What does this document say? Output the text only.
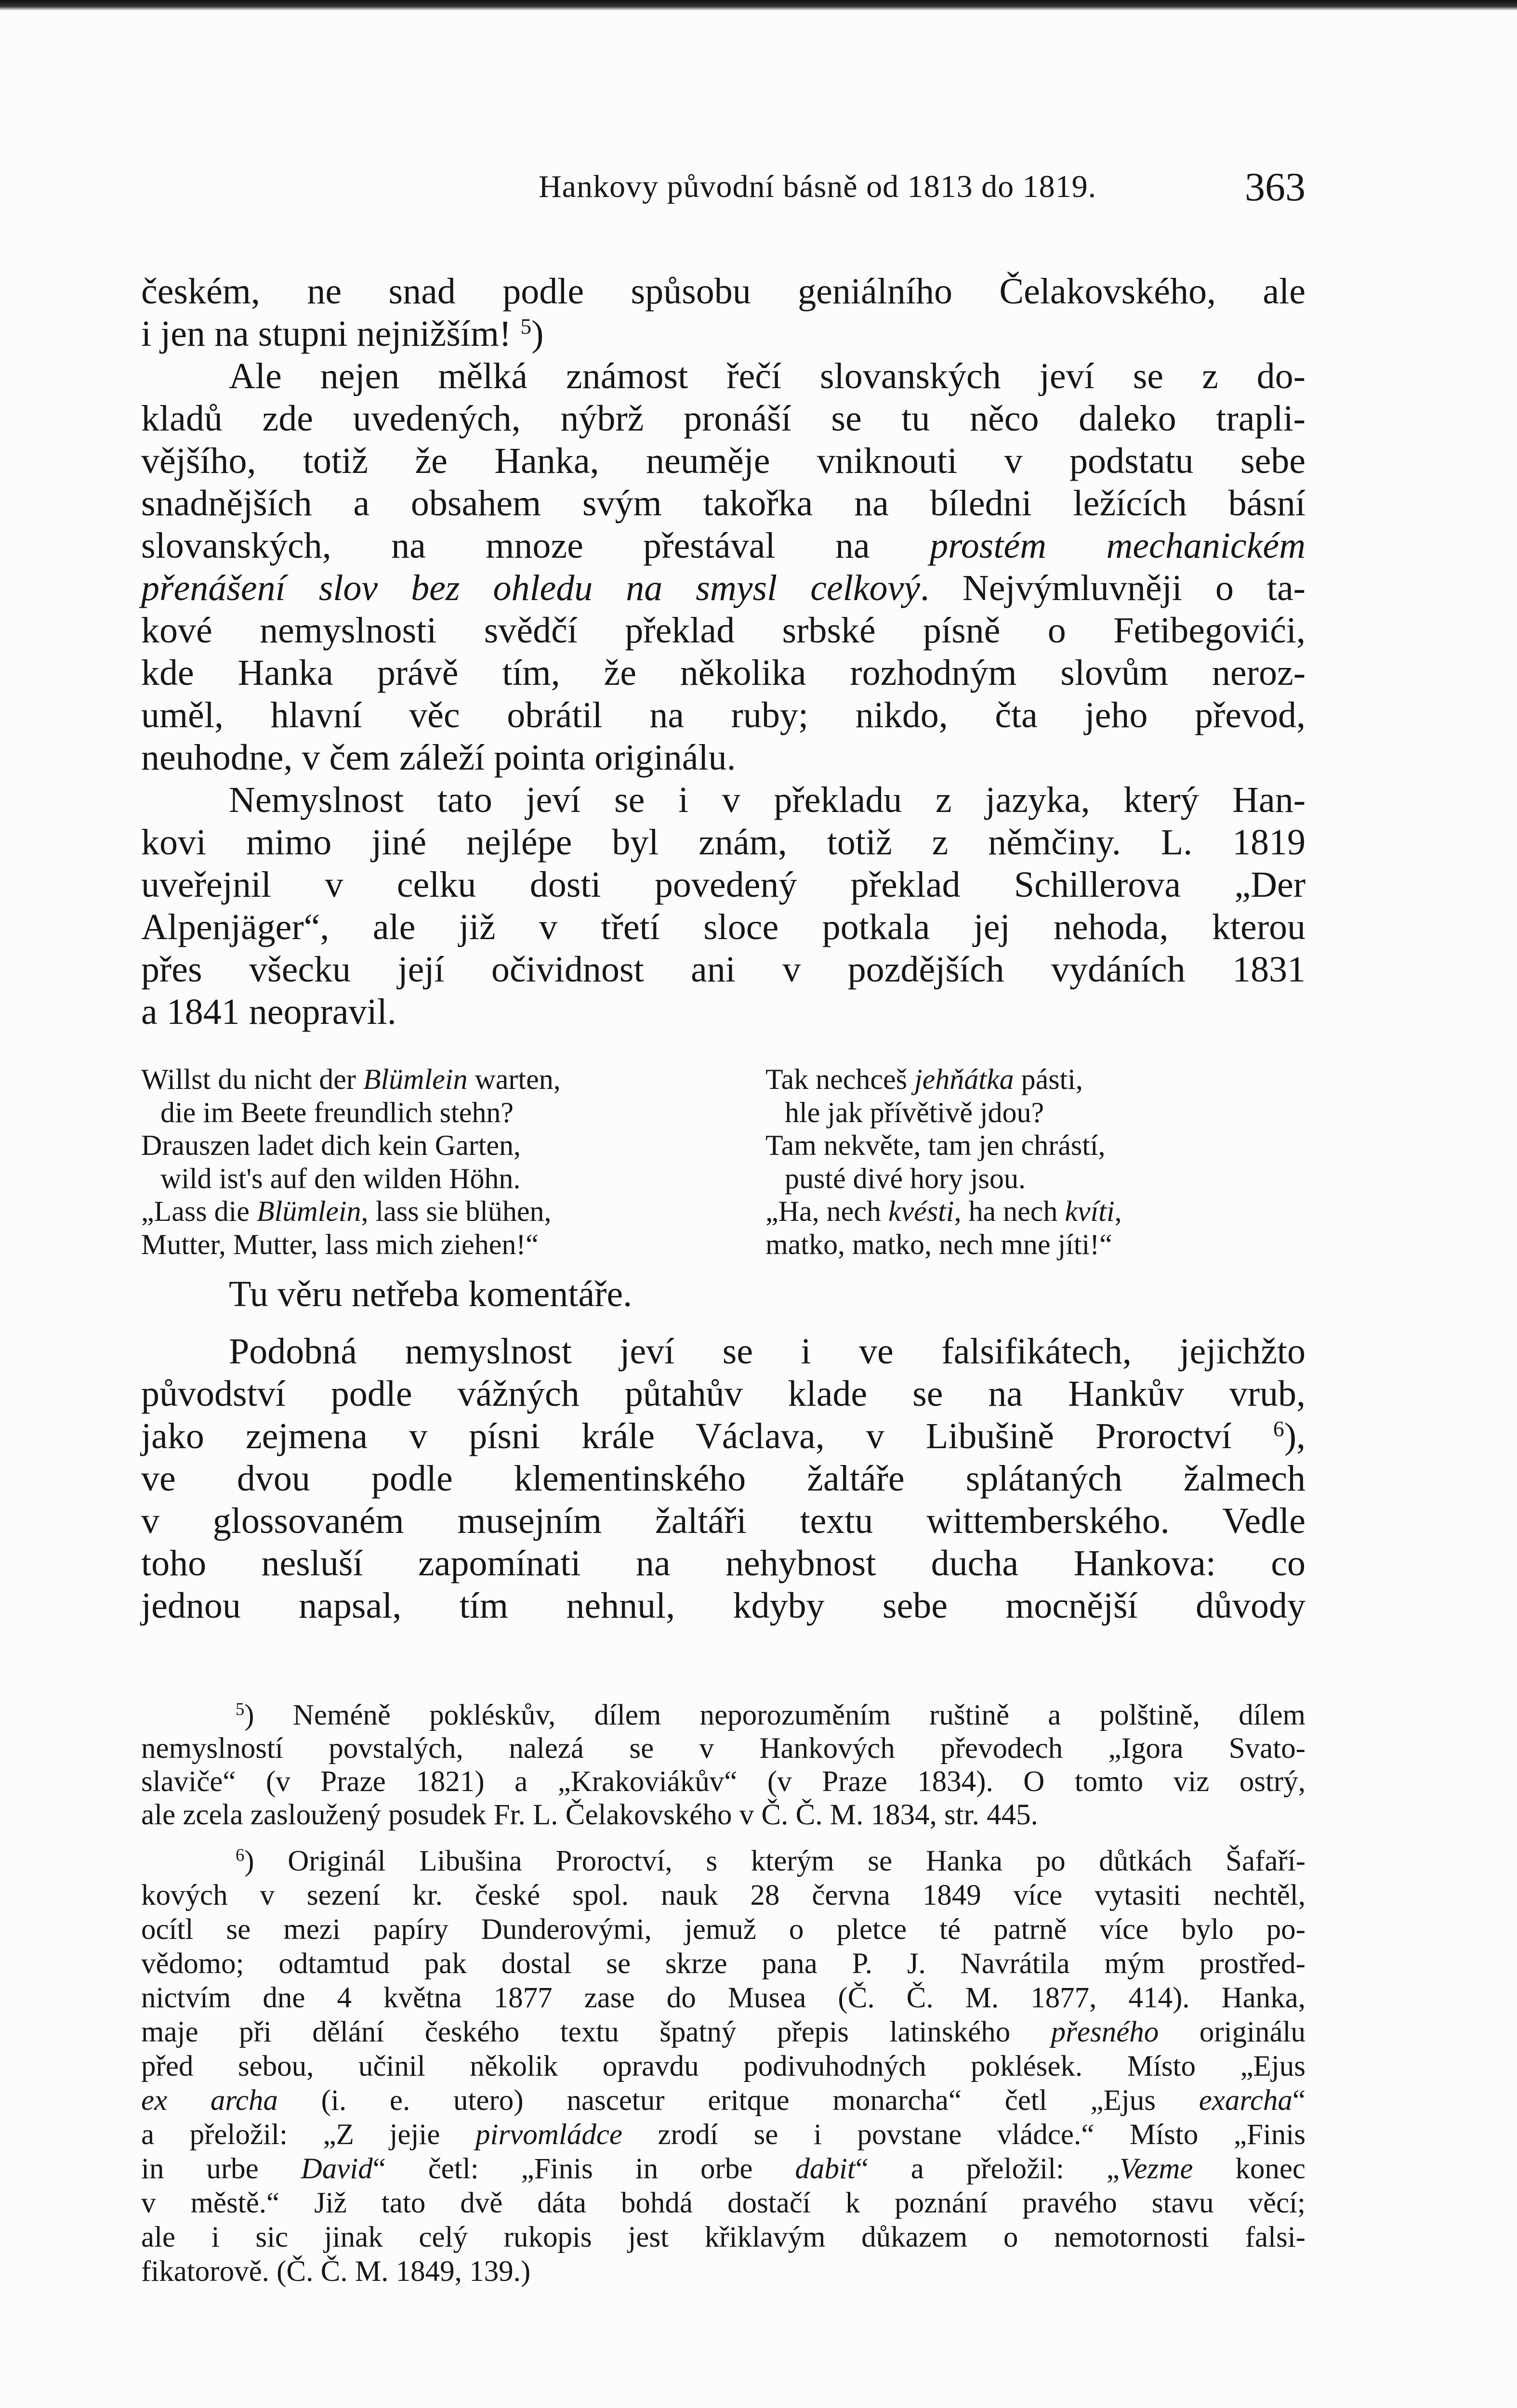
Hankovy původní básně od 1813 do 1819.	363
českém, ne snad podle spůsobu geniálního Čelakovského, ale
i jen na stupni nejnižším! $^5$)
Ale nejen mělká známost řečí slovanských jeví se z do-
kladů zde uvedených, nýbrž pronáší se tu něco daleko trapli-
vějšího, totiž že Hanka, neuměje vniknouti v podstatu sebe
snadnějších a obsahem svým takořka na bíledni ležících básní
slovanských, na mnoze přestával na prostém mechanickém
přenášení slov bez ohledu na smysl celkový. Nejvýmluvněji o ta-
kové nemyslnosti svědčí překlad srbské písně o Fetibegovići,
kde Hanka právě tím, že několika rozhodným slovům neroz-
uměl, hlavní věc obrátil na ruby; nikdo, čta jeho převod,
neuhodne, v čem záleží pointa originálu.
Nemyslnost tato jeví se i v překladu z jazyka, který Han-
kovi mimo jiné nejlépe byl znám, totiž z němčiny. L. 1819
uveřejnil v celku dosti povedený překlad Schillerova „Der
Alpenjäger“, ale již v třetí sloce potkala jej nehoda, kterou
přes všecku její očividnost ani v pozdějších vydáních 1831
a 1841 neopravil.
Willst du nicht der Blümlein warten,
die im Beete freundlich stehn?
Drauszen ladet dich kein Garten,
wild ist's auf den wilden Höhn.
„Lass die Blümlein, lass sie blühen,
Mutter, Mutter, lass mich ziehen!“
Tak nechceš jehňátka pásti,
hle jak přívětivě jdou?
Tam nekvěte, tam jen chrástí,
pusté divé hory jsou.
„Ha, nech kvésti, ha nech kvíti,
matko, matko, nech mne jíti!“
Tu věru netřeba komentáře.
Podobná nemyslnost jeví se i ve falsifikátech, jejichžto
původství podle vážných půtahův klade se na Hankův vrub,
jako zejmena v písni krále Václava, v Libušině Proroctví $^6$),
ve dvou podle klementinského žaltáře splátaných žalmech
v glossovaném musejním žaltáři textu wittemberského. Vedle
toho nesluší zapomínati na nehybnost ducha Hankova: co
jednou napsal, tím nehnul, kdyby sebe mocnější důvody
$^5$) Neméně pokléskův, dílem neporozuměním ruštině a polštině, dílem
nemyslností povstalých, nalezá se v Hankových převodech „Igora Svato-
slaviče“ (v Praze 1821) a „Krakoviákův“ (v Praze 1834). O tomto viz ostrý,
ale zcela zasloužený posudek Fr. L. Čelakovského v Č. Č. M. 1834, str. 445.
$^6$) Originál Libušina Proroctví, s kterým se Hanka po důtkách Šafaří-
kových v sezení kr. české spol. nauk 28 června 1849 více vytasiti nechtěl,
ocítl se mezi papíry Dunderovými, jemuž o pletce té patrně více bylo po-
vědomo; odtamtud pak dostal se skrze pana P. J. Navrátila mým prostřed-
nictvím dne 4 května 1877 zase do Musea (Č. Č. M. 1877, 414). Hanka,
maje při dělání českého textu špatný přepis latinského přesného originálu
před sebou, učinil několik opravdu podivuhodných poklések. Místo „Ejus
ex archa (i. e. utero) nascetur eritque monarcha“ četl „Ejus exarcha“
a přeložil: „Z jejie pirvomládce zrodí se i povstane vládce.“ Místo „Finis
in urbe David“ četl: „Finis in orbe dabit“ a přeložil: „Vezme konec
v městě.“ Již tato dvě dáta bohdá dostačí k poznání pravého stavu věcí;
ale i sic jinak celý rukopis jest křiklavým důkazem o nemotornosti falsi-
fikatorově. (Č. Č. M. 1849, 139.)
